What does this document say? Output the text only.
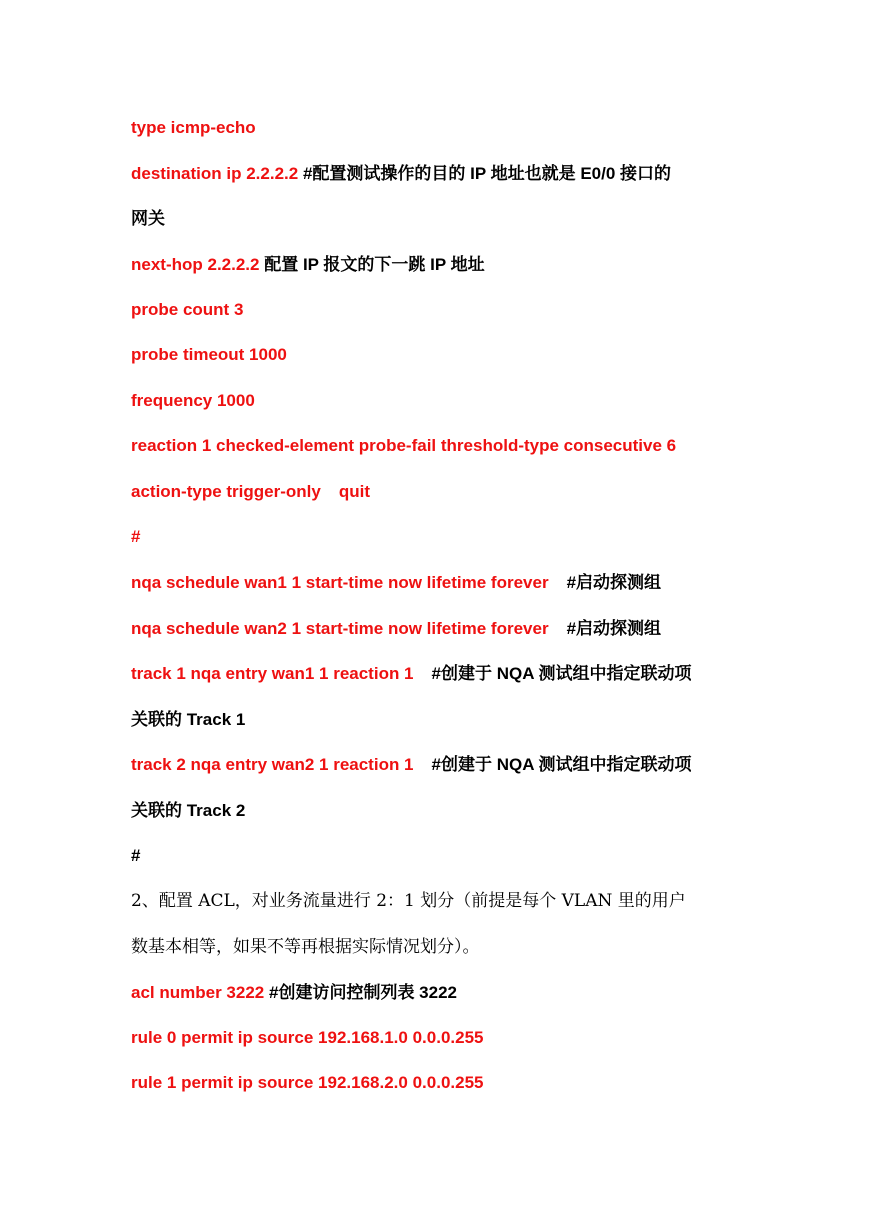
type icmp-echo
destination ip 2.2.2.2 #配置测试操作的目的 IP 地址也就是 E0/0 接口的
网关
next-hop 2.2.2.2 配置 IP 报文的下一跳 IP 地址
probe count 3
probe timeout 1000
frequency 1000
reaction 1 checked-element probe-fail threshold-type consecutive 6
action-type trigger-only quit
#
nqa schedule wan1 1 start-time now lifetime forever #启动探测组
nqa schedule wan2 1 start-time now lifetime forever #启动探测组
track 1 nqa entry wan1 1 reaction 1 #创建于 NQA 测试组中指定联动项
关联的 Track 1
track 2 nqa entry wan2 1 reaction 1 #创建于 NQA 测试组中指定联动项
关联的 Track 2
#
2、配置 ACL，对业务流量进行 2：1 划分（前提是每个 VLAN 里的用户
数基本相等，如果不等再根据实际情况划分）。
acl number 3222 #创建访问控制列表 3222
rule 0 permit ip source 192.168.1.0 0.0.0.255
rule 1 permit ip source 192.168.2.0 0.0.0.255
